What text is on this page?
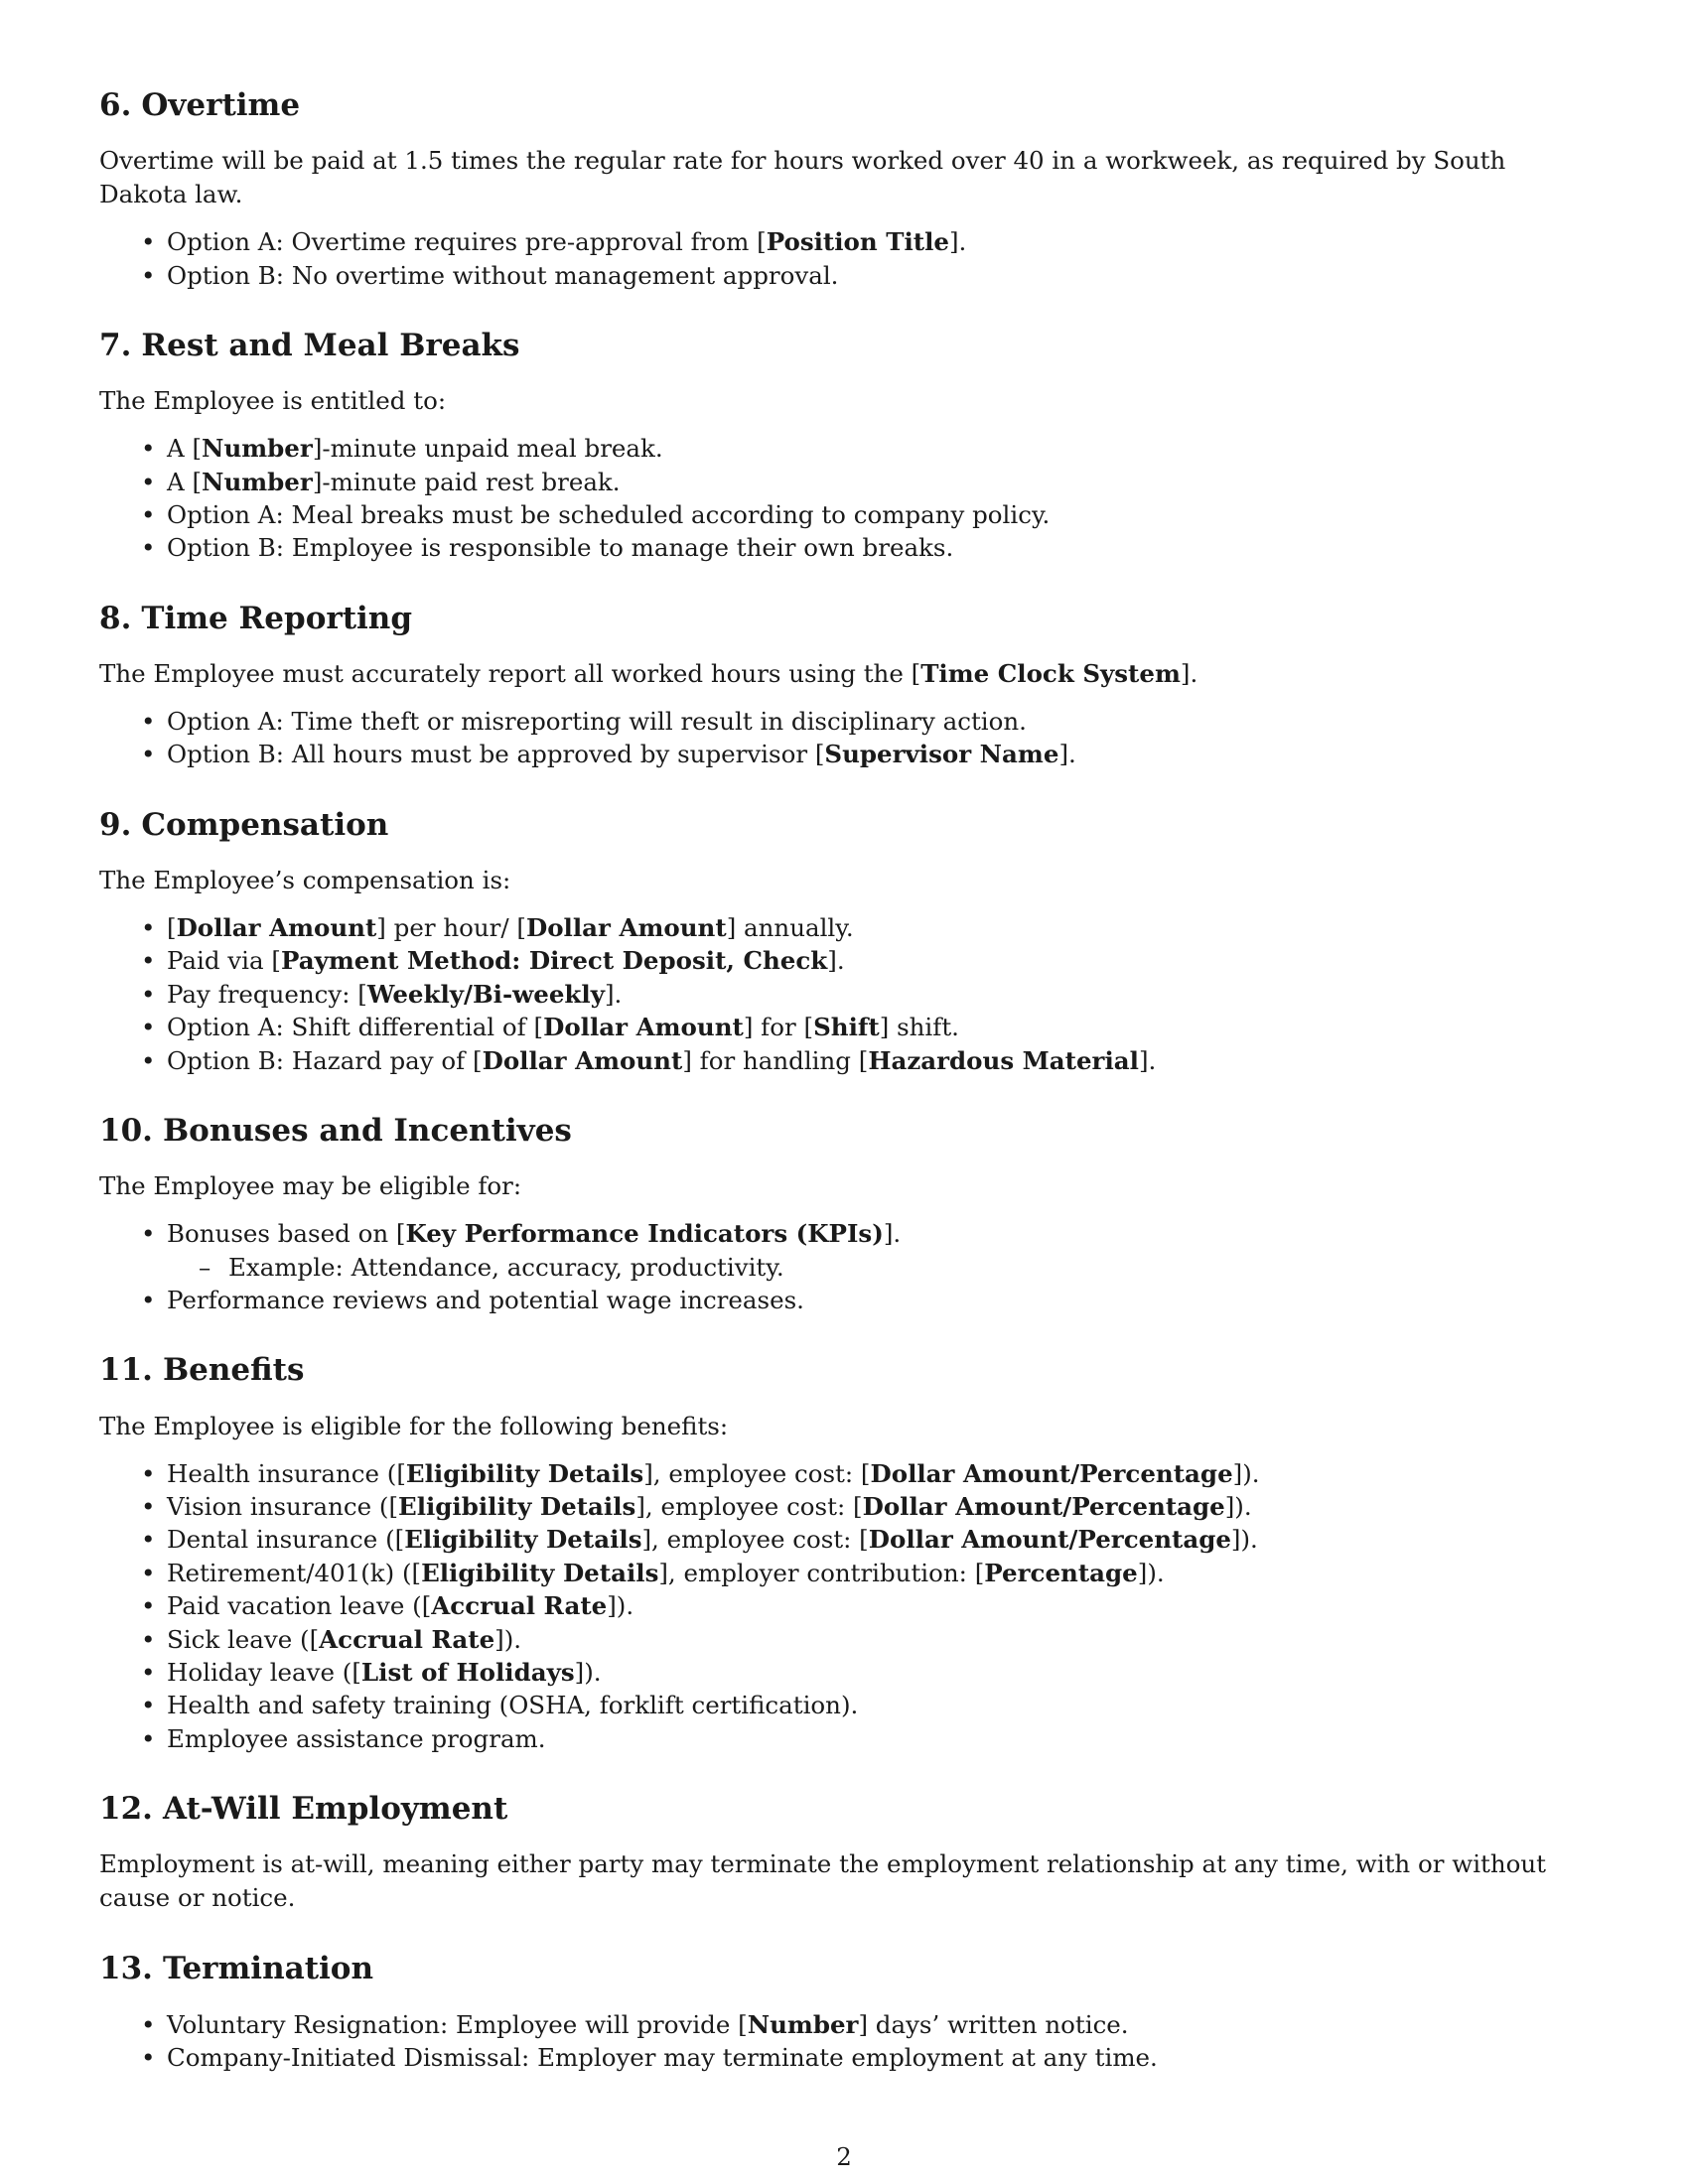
6. Overtime

Overtime will be paid at 1.5 times the regular rate for hours worked over 40 in a workweek, as required by South Dakota law.

• Option A: Overtime requires pre-approval from [Position Title].
• Option B: No overtime without management approval.
7. Rest and Meal Breaks

The Employee is entitled to:

• A [Number]-minute unpaid meal break.
• A [Number]-minute paid rest break.
• Option A: Meal breaks must be scheduled according to company policy.
• Option B: Employee is responsible to manage their own breaks.
8. Time Reporting

The Employee must accurately report all worked hours using the [Time Clock System].

• Option A: Time theft or misreporting will result in disciplinary action.
• Option B: All hours must be approved by supervisor [Supervisor Name].
9. Compensation

The Employee’s compensation is:

• [Dollar Amount] per hour/ [Dollar Amount] annually.
• Paid via [Payment Method: Direct Deposit, Check].
• Pay frequency: [Weekly/Bi-weekly].
• Option A: Shift differential of [Dollar Amount] for [Shift] shift.
• Option B: Hazard pay of [Dollar Amount] for handling [Hazardous Material].
10. Bonuses and Incentives

The Employee may be eligible for:

• Bonuses based on [Key Performance Indicators (KPIs)].
– Example: Attendance, accuracy, productivity.
• Performance reviews and potential wage increases.
11. Benefits

The Employee is eligible for the following benefits:

• Health insurance ([Eligibility Details], employee cost: [Dollar Amount/Percentage]).
• Vision insurance ([Eligibility Details], employee cost: [Dollar Amount/Percentage]).
• Dental insurance ([Eligibility Details], employee cost: [Dollar Amount/Percentage]).
• Retirement/401(k) ([Eligibility Details], employer contribution: [Percentage]).
• Paid vacation leave ([Accrual Rate]).
• Sick leave ([Accrual Rate]).
• Holiday leave ([List of Holidays]).
• Health and safety training (OSHA, forklift certification).
• Employee assistance program.
12. At-Will Employment

Employment is at-will, meaning either party may terminate the employment relationship at any time, with or without cause or notice.

13. Termination
• Voluntary Resignation: Employee will provide [Number] days’ written notice.
• Company-Initiated Dismissal: Employer may terminate employment at any time.
2
